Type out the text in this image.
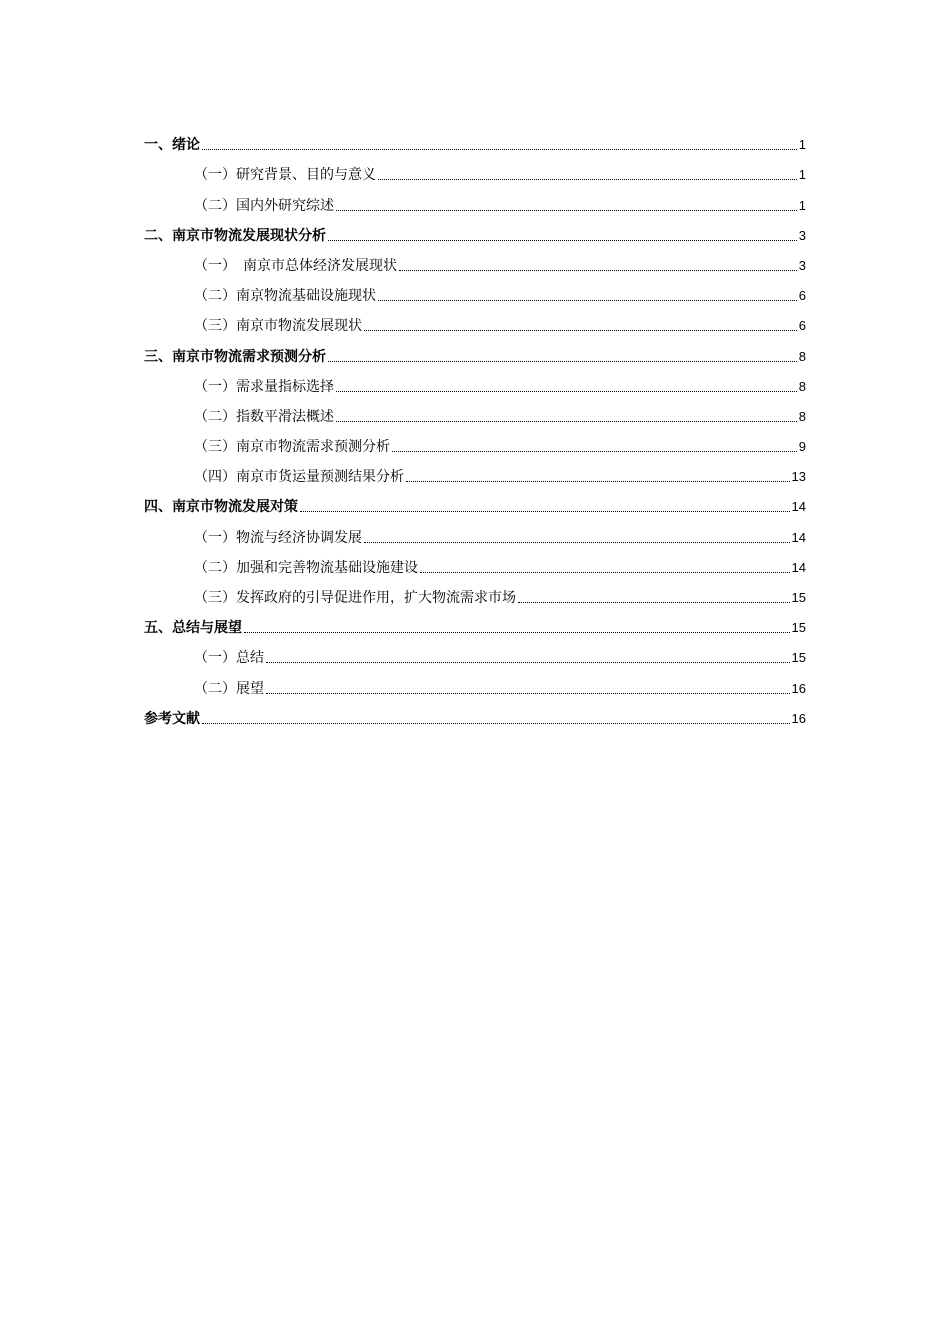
一、绪论	1
（一）研究背景、目的与意义	1
（二）国内外研究综述	1
二、南京市物流发展现状分析	3
（一）　南京市总体经济发展现状	3
（二）南京物流基础设施现状	6
（三）南京市物流发展现状	6
三、南京市物流需求预测分析	8
（一）需求量指标选择	8
（二）指数平滑法概述	8
（三）南京市物流需求预测分析	9
（四）南京市货运量预测结果分析	13
四、南京市物流发展对策	14
（一）物流与经济协调发展	14
（二）加强和完善物流基础设施建设	14
（三）发挥政府的引导促进作用，扩大物流需求市场	15
五、总结与展望	15
（一）总结	15
（二）展望	16
参考文献	16
